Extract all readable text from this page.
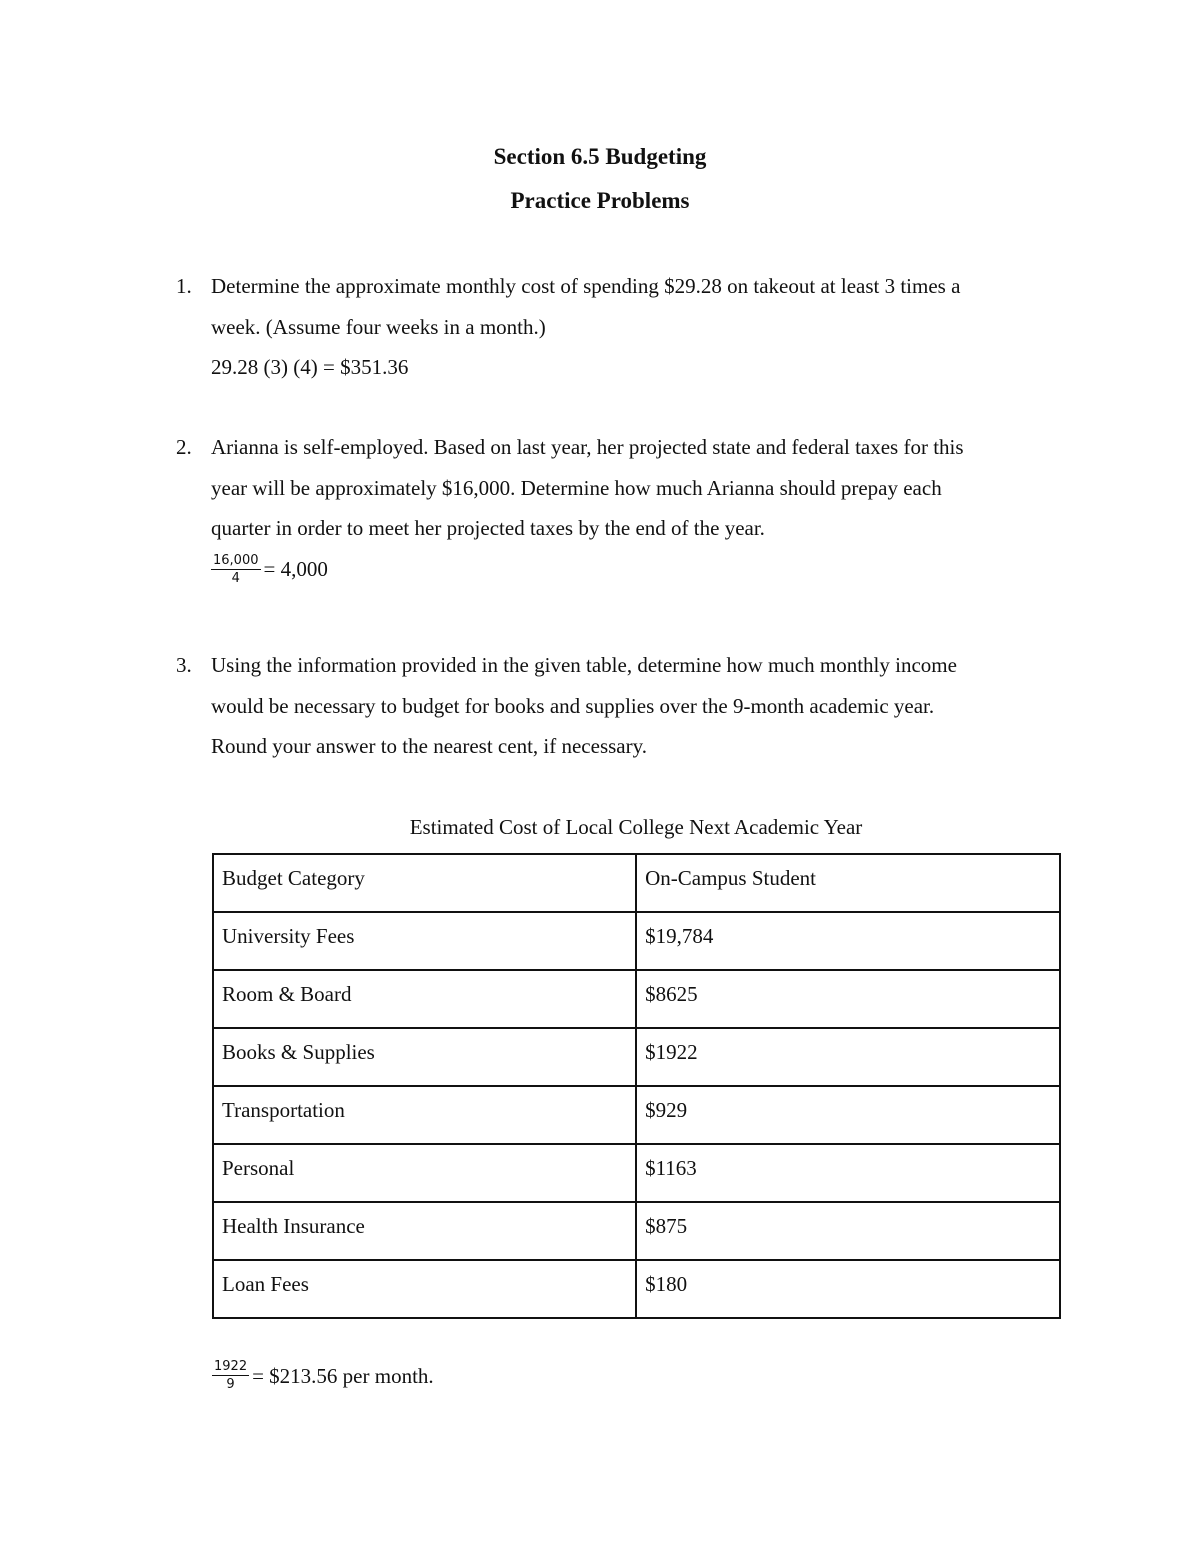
Section 6.5 Budgeting
Practice Problems
1. Determine the approximate monthly cost of spending $29.28 on takeout at least 3 times a
week. (Assume four weeks in a month.)
29.28 (3) (4) = $351.36
2. Arianna is self-employed. Based on last year, her projected state and federal taxes for this
year will be approximately $16,000. Determine how much Arianna should prepay each
quarter in order to meet her projected taxes by the end of the year.
$\frac{16,000}{4} = 4,000$
3. Using the information provided in the given table, determine how much monthly income
would be necessary to budget for books and supplies over the 9-month academic year.
Round your answer to the nearest cent, if necessary.
Estimated Cost of Local College Next Academic Year
Budget Category	On-Campus Student
University Fees	$19,784
Room & Board	$8625
Books & Supplies	$1922
Transportation	$929
Personal	$1163
Health Insurance	$875
Loan Fees	$180
$\frac{1922}{9}$ = $213.56 per month.
